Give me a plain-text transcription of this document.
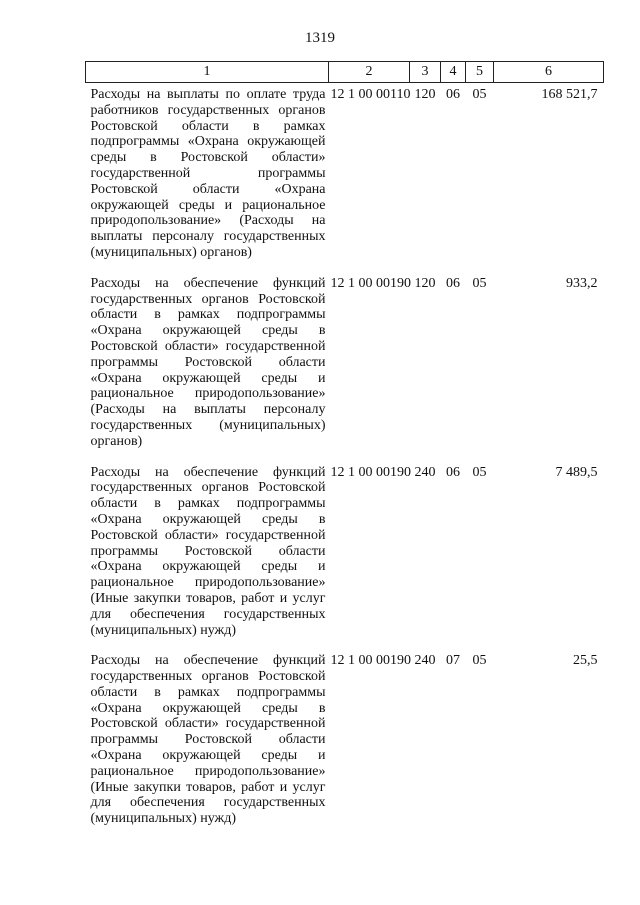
1319
1	2	3	4	5	6
Расходы на выплаты по оплате труда работников государственных органов Ростовской области в рамках подпрограммы «Охрана окружающей среды в Ростовской области» государственной программы Ростовской области «Охрана окружающей среды и рациональное природопользование» (Расходы на выплаты персоналу государственных (муниципальных) органов)	12 1 00 00110	120	06	05	168 521,7
Расходы на обеспечение функций государственных органов Ростовской области в рамках подпрограммы «Охрана окружающей среды в Ростовской области» государственной программы Ростовской области «Охрана окружающей среды и рациональное природопользование» (Расходы на выплаты персоналу государственных (муниципальных) органов)	12 1 00 00190	120	06	05	933,2
Расходы на обеспечение функций государственных органов Ростовской области в рамках подпрограммы «Охрана окружающей среды в Ростовской области» государственной программы Ростовской области «Охрана окружающей среды и рациональное природопользование» (Иные закупки товаров, работ и услуг для обеспечения государственных (муниципальных) нужд)	12 1 00 00190	240	06	05	7 489,5
Расходы на обеспечение функций государственных органов Ростовской области в рамках подпрограммы «Охрана окружающей среды в Ростовской области» государственной программы Ростовской области «Охрана окружающей среды и рациональное природопользование» (Иные закупки товаров, работ и услуг для обеспечения государственных (муниципальных) нужд)	12 1 00 00190	240	07	05	25,5
